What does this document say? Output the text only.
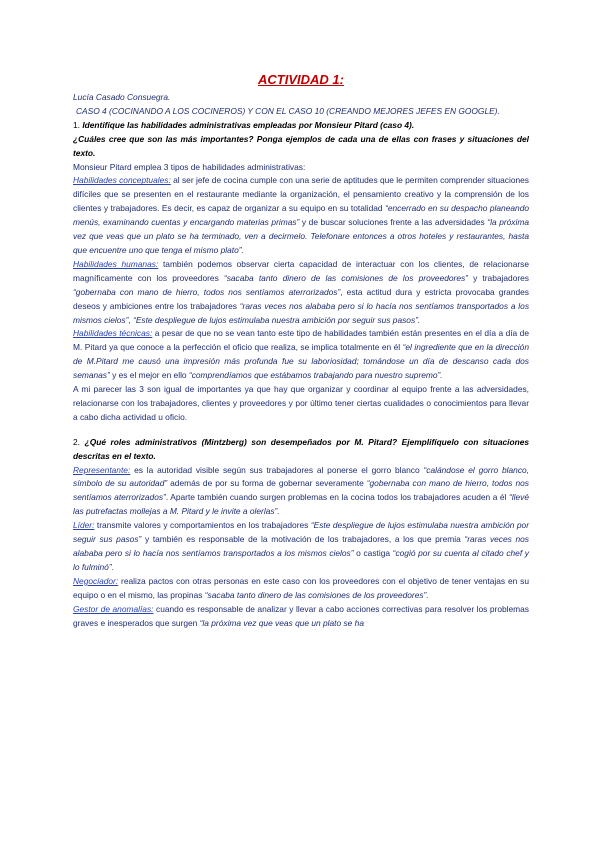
ACTIVIDAD 1:

Lucía Casado Consuegra.

CASO 4 (COCINANDO A LOS COCINEROS) Y CON EL CASO 10 (CREANDO MEJORES JEFES EN GOOGLE).

1. Identifique las habilidades administrativas empleadas por Monsieur Pitard (caso 4).

¿Cuáles cree que son las más importantes? Ponga ejemplos de cada una de ellas con frases y situaciones del texto.

Monsieur Pitard emplea 3 tipos de habilidades administrativas:

Habilidades conceptuales: al ser jefe de cocina cumple con una serie de aptitudes que le permiten comprender situaciones difíciles que se presenten en el restaurante mediante la organización, el pensamiento creativo y la comprensión de los clientes y trabajadores. Es decir, es capaz de organizar a su equipo en su totalidad “encerrado en su despacho planeando menús, examinando cuentas y encargando materias primas” y de buscar soluciones frente a las adversidades “la próxima vez que veas que un plato se ha terminado, ven a decirmelo. Telefonare entonces a otros hoteles y restaurantes, hasta que encuentre uno que tenga el mismo plato”.

Habilidades humanas: también podemos observar cierta capacidad de interactuar con los clientes, de relacionarse magníficamente con los proveedores “sacaba tanto dinero de las comisiones de los proveedores” y trabajadores “gobernaba con mano de hierro, todos nos sentíamos aterrorizados”, esta actitud dura y estricta provocaba grandes deseos y ambiciones entre los trabajadores “raras veces nos alababa pero si lo hacía nos sentíamos transportados a los mismos cielos”, “Este despliegue de lujos estimulaba nuestra ambición por seguir sus pasos”.

Habilidades técnicas: a pesar de que no se vean tanto este tipo de habilidades también están presentes en el día a día de M. Pitard ya que conoce a la perfección el oficio que realiza, se implica totalmente en él “el ingrediente que en la dirección de M.Pitard me causó una impresión más profunda fue su laboriosidad; tomándose un día de descanso cada dos semanas” y es el mejor en ello “comprendíamos que estábamos trabajando para nuestro supremo”.

A mi parecer las 3 son igual de importantes ya que hay que organizar y coordinar al equipo frente a las adversidades, relacionarse con los trabajadores, clientes y proveedores y por último tener ciertas cualidades o conocimientos para llevar a cabo dicha actividad u oficio.

2. ¿Qué roles administrativos (Mintzberg) son desempeñados por M. Pitard? Ejemplifíquelo con situaciones descritas en el texto.

Representante: es la autoridad visible según sus trabajadores al ponerse el gorro blanco “calándose el gorro blanco, símbolo de su autoridad” además de por su forma de gobernar severamente “gobernaba con mano de hierro, todos nos sentíamos aterrorizados”. Aparte también cuando surgen problemas en la cocina todos los trabajadores acuden a él “llevé las putrefactas mollejas a M. Pitard y le invite a olerlas”.

Líder: transmite valores y comportamientos en los trabajadores “Este despliegue de lujos estimulaba nuestra ambición por seguir sus pasos” y también es responsable de la motivación de los trabajadores, a los que premia “raras veces nos alababa pero si lo hacía nos sentíamos transportados a los mismos cielos” o castiga “cogió por su cuenta al citado chef y lo fulminó”.

Negociador: realiza pactos con otras personas en este caso con los proveedores con el objetivo de tener ventajas en su equipo o en el mismo, las propinas “sacaba tanto dinero de las comisiones de los proveedores”.

Gestor de anomalías: cuando es responsable de analizar y llevar a cabo acciones correctivas para resolver los problemas graves e inesperados que surgen “la próxima vez que veas que un plato se ha
